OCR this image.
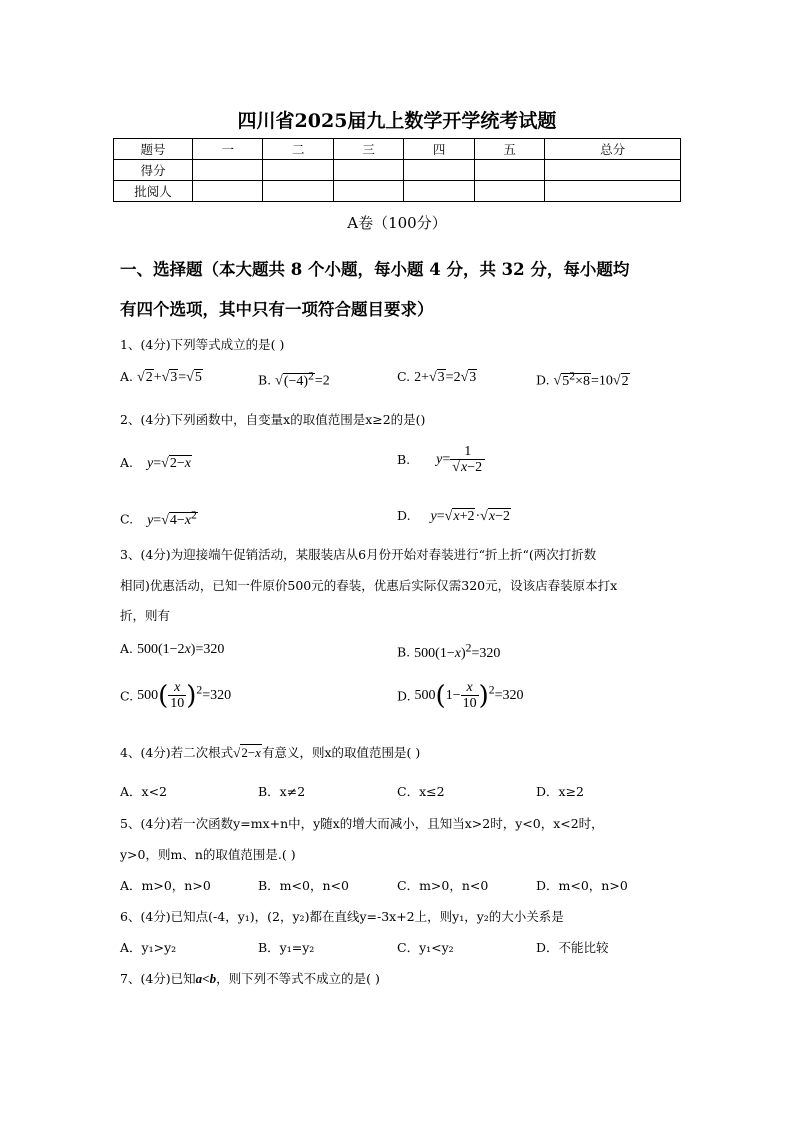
四川省2025届九上数学开学统考试题
题号	一	二	三	四	五	总分
得分						
批阅人						
A卷（100分）
一、选择题（本大题共 8 个小题，每小题 4 分，共 32 分，每小题均
有四个选项，其中只有一项符合题目要求）
1、(4分)下列等式成立的是( )
A. √2+√3=√5	B. $√(-4)^2=2$	C. 2+√3=2√3	D. $√5^2\times 8=10√2$
2、(4分)下列函数中，自变量x的取值范围是x≥2的是()
A. y=√2−x	B. $y= \frac{1}{√x-2}$
C. $y=√4-x^2$	D. y=√x+2·√x−2
3、(4分)为迎接端午促销活动，某服装店从6月份开始对春装进行“折上折“(两次打折数
相同)优惠活动，已知一件原价500元的春装，优惠后实际仅需320元，设该店春装原本打x
折，则有
A. 500(1−2x)=320	B. $500(1-x)^2=320$
C. $500( \frac{x}{10} )^2=320$	D. $500(1- \frac{x}{10} )^2=320$
4、(4分)若二次根式√2−x有意义，则x的取值范围是( )
A．x<2	B．x≠2	C．x≤2	D．x≥2
5、(4分)若一次函数y=mx+n中，y随x的增大而减小，且知当x>2时，y<0，x<2时，
y>0，则m、n的取值范围是.( )
A．m>0，n>0	B．m<0，n<0	C．m>0，n<0	D．m<0，n>0
6、(4分)已知点(-4，y₁)，(2，y₂)都在直线y=-3x+2上，则y₁，y₂的大小关系是
A．y₁>y₂	B．y₁=y₂	C．y₁<y₂	D．不能比较
7、(4分)已知a<b，则下列不等式不成立的是( )
